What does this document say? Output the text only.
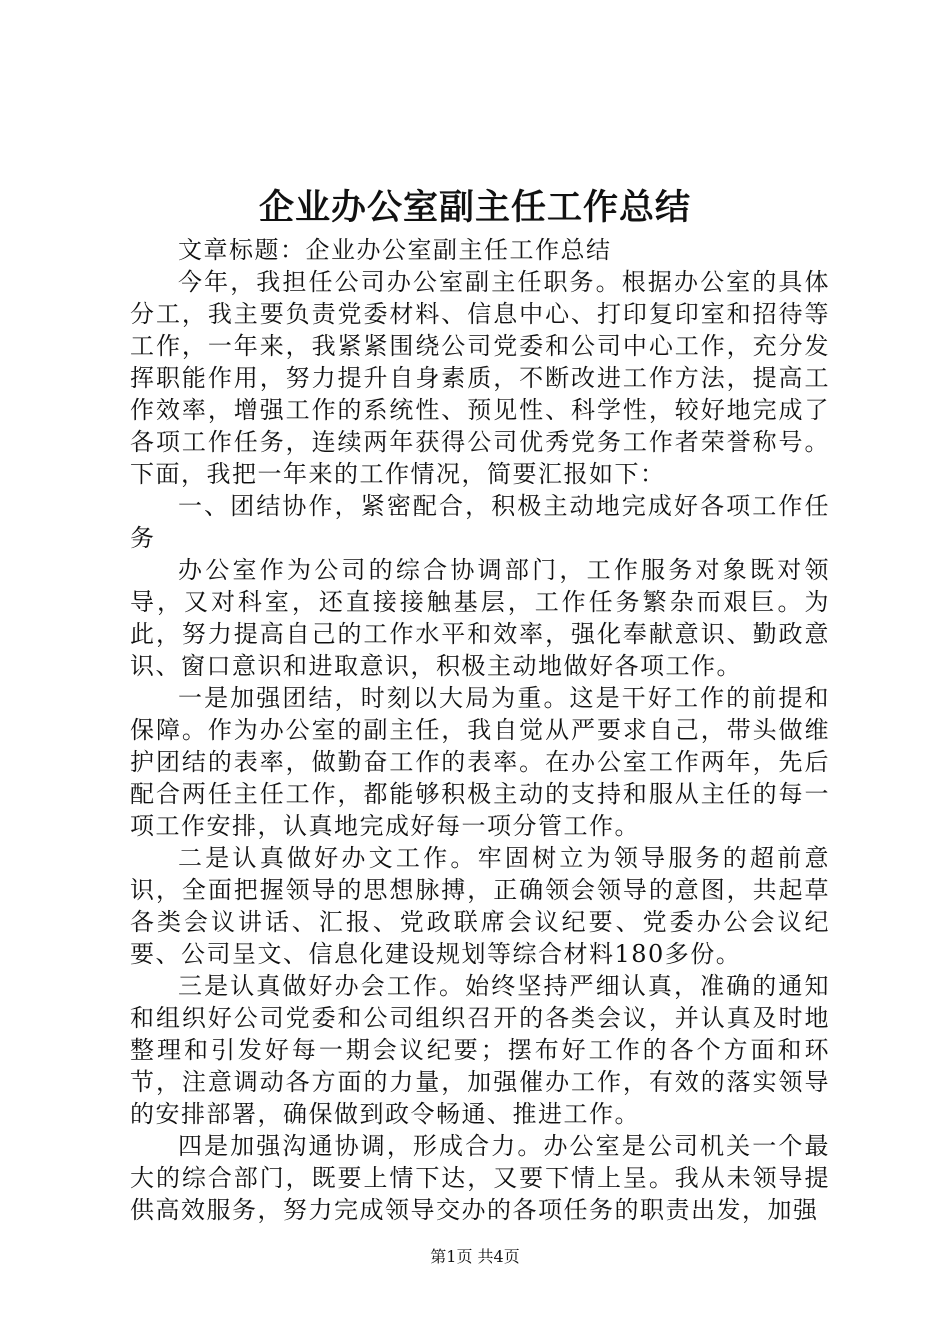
企业办公室副主任工作总结

文章标题：企业办公室副主任工作总结

今年，我担任公司办公室副主任职务。根据办公室的具体分工，我主要负责党委材料、信息中心、打印复印室和招待等工作，一年来，我紧紧围绕公司党委和公司中心工作，充分发挥职能作用，努力提升自身素质，不断改进工作方法，提高工作效率，增强工作的系统性、预见性、科学性，较好地完成了各项工作任务，连续两年获得公司优秀党务工作者荣誉称号。下面，我把一年来的工作情况，简要汇报如下：

一、团结协作，紧密配合，积极主动地完成好各项工作任务

办公室作为公司的综合协调部门，工作服务对象既对领导，又对科室，还直接接触基层，工作任务繁杂而艰巨。为此，努力提高自己的工作水平和效率，强化奉献意识、勤政意识、窗口意识和进取意识，积极主动地做好各项工作。

一是加强团结，时刻以大局为重。这是干好工作的前提和保障。作为办公室的副主任，我自觉从严要求自己，带头做维护团结的表率，做勤奋工作的表率。在办公室工作两年，先后配合两任主任工作，都能够积极主动的支持和服从主任的每一项工作安排，认真地完成好每一项分管工作。

二是认真做好办文工作。牢固树立为领导服务的超前意识，全面把握领导的思想脉搏，正确领会领导的意图，共起草各类会议讲话、汇报、党政联席会议纪要、党委办公会议纪要、公司呈文、信息化建设规划等综合材料180多份。

三是认真做好办会工作。始终坚持严细认真，准确的通知和组织好公司党委和公司组织召开的各类会议，并认真及时地整理和引发好每一期会议纪要；摆布好工作的各个方面和环节，注意调动各方面的力量，加强催办工作，有效的落实领导的安排部署，确保做到政令畅通、推进工作。

四是加强沟通协调，形成合力。办公室是公司机关一个最大的综合部门，既要上情下达，又要下情上呈。我从未领导提供高效服务，努力完成领导交办的各项任务的职责出发，加强

第1页 共4页
